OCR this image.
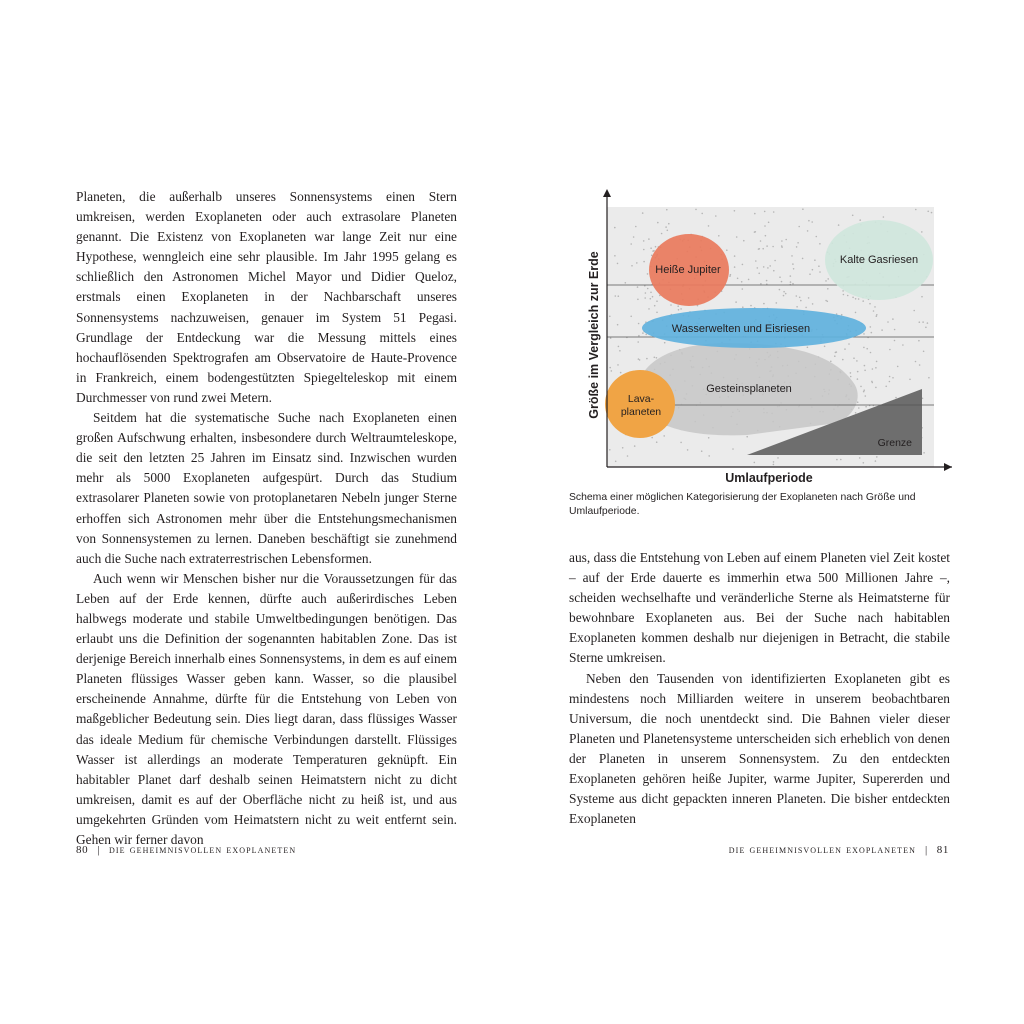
Planeten, die außerhalb unseres Sonnensystems einen Stern umkreisen, werden Exoplaneten oder auch extrasolare Planeten genannt. Die Existenz von Exoplaneten war lange Zeit nur eine Hypothese, wenngleich eine sehr plausible. Im Jahr 1995 gelang es schließlich den Astronomen Michel Mayor und Didier Queloz, erstmals einen Exoplaneten in der Nachbarschaft unseres Sonnensystems nachzuweisen, genauer im System 51 Pegasi. Grundlage der Entdeckung war die Messung mittels eines hochauflösenden Spektrografen am Observatoire de Haute-Provence in Frankreich, einem bodengestützten Spiegelteleskop mit einem Durchmesser von rund zwei Metern.

Seitdem hat die systematische Suche nach Exoplaneten einen großen Aufschwung erhalten, insbesondere durch Weltraumteleskope, die seit den letzten 25 Jahren im Einsatz sind. Inzwischen wurden mehr als 5000 Exoplaneten aufgespürt. Durch das Studium extrasolarer Planeten sowie von protoplanetaren Nebeln junger Sterne erhoffen sich Astronomen mehr über die Entstehungsmechanismen von Sonnensystemen zu lernen. Daneben beschäftigt sie zunehmend auch die Suche nach extraterrestrischen Lebensformen.

Auch wenn wir Menschen bisher nur die Voraussetzungen für das Leben auf der Erde kennen, dürfte auch außerirdisches Leben halbwegs moderate und stabile Umweltbedingungen benötigen. Das erlaubt uns die Definition der sogenannten habitablen Zone. Das ist derjenige Bereich innerhalb eines Sonnensystems, in dem es auf einem Planeten flüssiges Wasser geben kann. Wasser, so die plausibel erscheinende Annahme, dürfte für die Entstehung von Leben von maßgeblicher Bedeutung sein. Dies liegt daran, dass flüssiges Wasser das ideale Medium für chemische Verbindungen darstellt. Flüssiges Wasser ist allerdings an moderate Temperaturen geknüpft. Ein habitabler Planet darf deshalb seinen Heimatstern nicht zu dicht umkreisen, damit es auf der Oberfläche nicht zu heiß ist, und aus umgekehrten Gründen vom Heimatstern nicht zu weit entfernt sein. Gehen wir ferner davon

80 | die geheimnisvollen exoplaneten
Heiße Jupiter
Kalte Gasriesen
Wasserwelten und Eisriesen
Gesteinsplaneten
Lava-
planeten
Grenze
Umlaufperiode
Größe im Vergleich zur Erde
Schema einer möglichen Kategorisierung der Exoplaneten nach Größe und Umlaufperiode.

aus, dass die Entstehung von Leben auf einem Planeten viel Zeit kostet – auf der Erde dauerte es immerhin etwa 500 Millionen Jahre –, scheiden wechselhafte und veränderliche Sterne als Heimatsterne für bewohnbare Exoplaneten aus. Bei der Suche nach habitablen Exoplaneten kommen deshalb nur diejenigen in Betracht, die stabile Sterne umkreisen.

Neben den Tausenden von identifizierten Exoplaneten gibt es mindestens noch Milliarden weitere in unserem beobachtbaren Universum, die noch unentdeckt sind. Die Bahnen vieler dieser Planeten und Planetensysteme unterscheiden sich erheblich von denen der Planeten in unserem Sonnensystem. Zu den entdeckten Exoplaneten gehören heiße Jupiter, warme Jupiter, Supererden und Systeme aus dicht gepackten inneren Planeten. Die bisher entdeckten Exoplaneten

die geheimnisvollen exoplaneten | 81
